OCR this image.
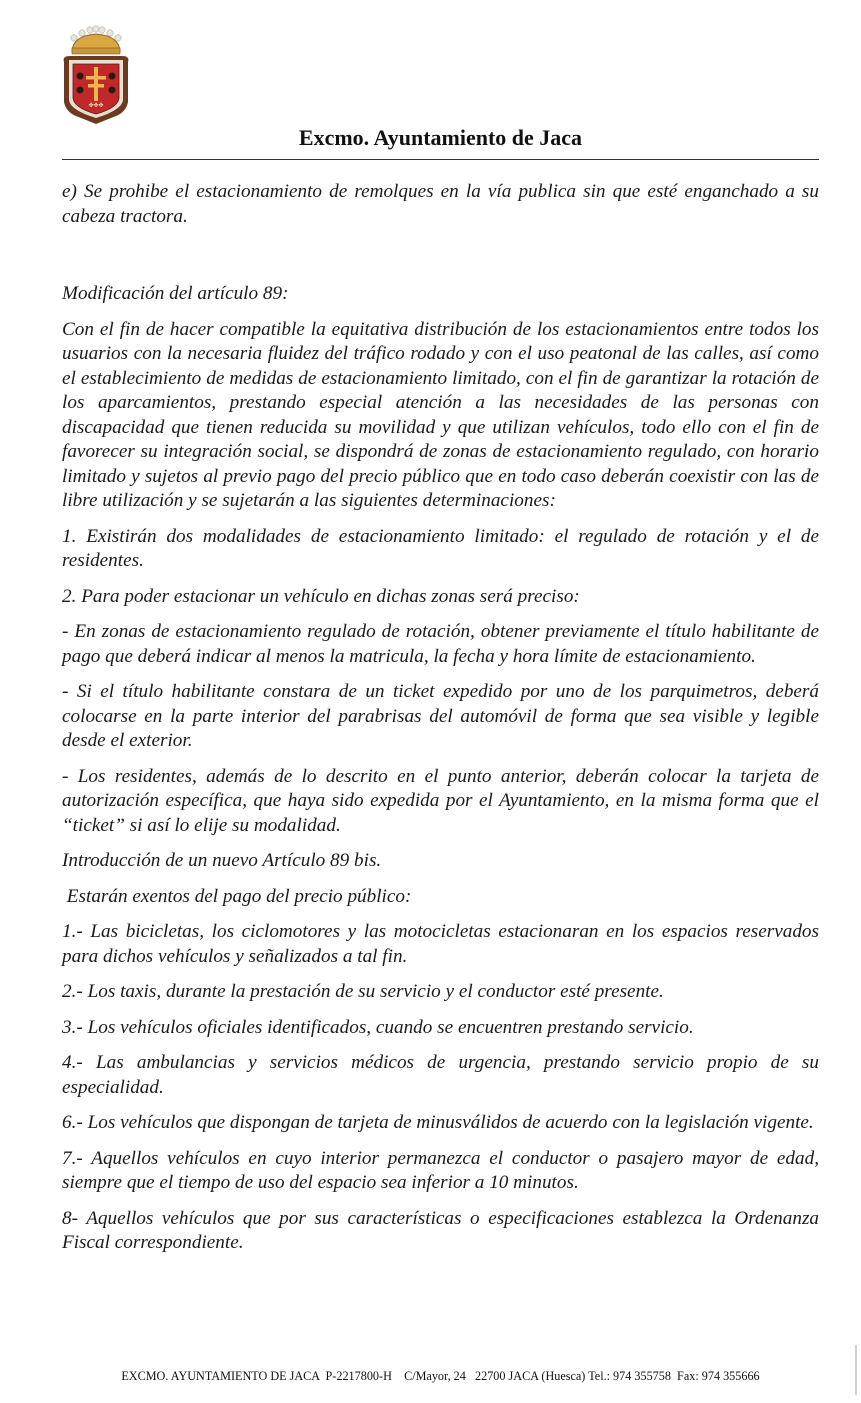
✤✤✤
Excmo. Ayuntamiento de Jaca

e) Se prohibe el estacionamiento de remolques en la vía publica sin que esté enganchado a su cabeza tractora.

Modificación del artículo 89:

Con el fin de hacer compatible la equitativa distribución de los estacionamientos entre todos los usuarios con la necesaria fluidez del tráfico rodado y con el uso peatonal de las calles, así como el establecimiento de medidas de estacionamiento limitado, con el fin de garantizar la rotación de los aparcamientos, prestando especial atención a las necesidades de las personas con discapacidad que tienen reducida su movilidad y que utilizan vehículos, todo ello con el fin de favorecer su integración social, se dispondrá de zonas de estacionamiento regulado, con horario limitado y sujetos al previo pago del precio público que en todo caso deberán coexistir con las de libre utilización y se sujetarán a las siguientes determinaciones:

1. Existirán dos modalidades de estacionamiento limitado: el regulado de rotación y el de residentes.

2. Para poder estacionar un vehículo en dichas zonas será preciso:

- En zonas de estacionamiento regulado de rotación, obtener previamente el título habilitante de pago que deberá indicar al menos la matricula, la fecha y hora límite de estacionamiento.

- Si el título habilitante constara de un ticket expedido por uno de los parquimetros, deberá colocarse en la parte interior del parabrisas del automóvil de forma que sea visible y legible desde el exterior.

- Los residentes, además de lo descrito en el punto anterior, deberán colocar la tarjeta de autorización específica, que haya sido expedida por el Ayuntamiento, en la misma forma que el “ticket” si así lo elije su modalidad.

Introducción de un nuevo Artículo 89 bis.

Estarán exentos del pago del precio público:

1.- Las bicicletas, los ciclomotores y las motocicletas estacionaran en los espacios reservados para dichos vehículos y señalizados a tal fin.

2.- Los taxis, durante la prestación de su servicio y el conductor esté presente.

3.- Los vehículos oficiales identificados, cuando se encuentren prestando servicio.

4.- Las ambulancias y servicios médicos de urgencia, prestando servicio propio de su especialidad.

6.- Los vehículos que dispongan de tarjeta de minusválidos de acuerdo con la legislación vigente.

7.- Aquellos vehículos en cuyo interior permanezca el conductor o pasajero mayor de edad, siempre que el tiempo de uso del espacio sea inferior a 10 minutos.

8- Aquellos vehículos que por sus características o especificaciones establezca la Ordenanza Fiscal correspondiente.

EXCMO. AYUNTAMIENTO DE JACA  P-2217800-H    C/Mayor, 24   22700 JACA (Huesca) Tel.: 974 355758  Fax: 974 355666
